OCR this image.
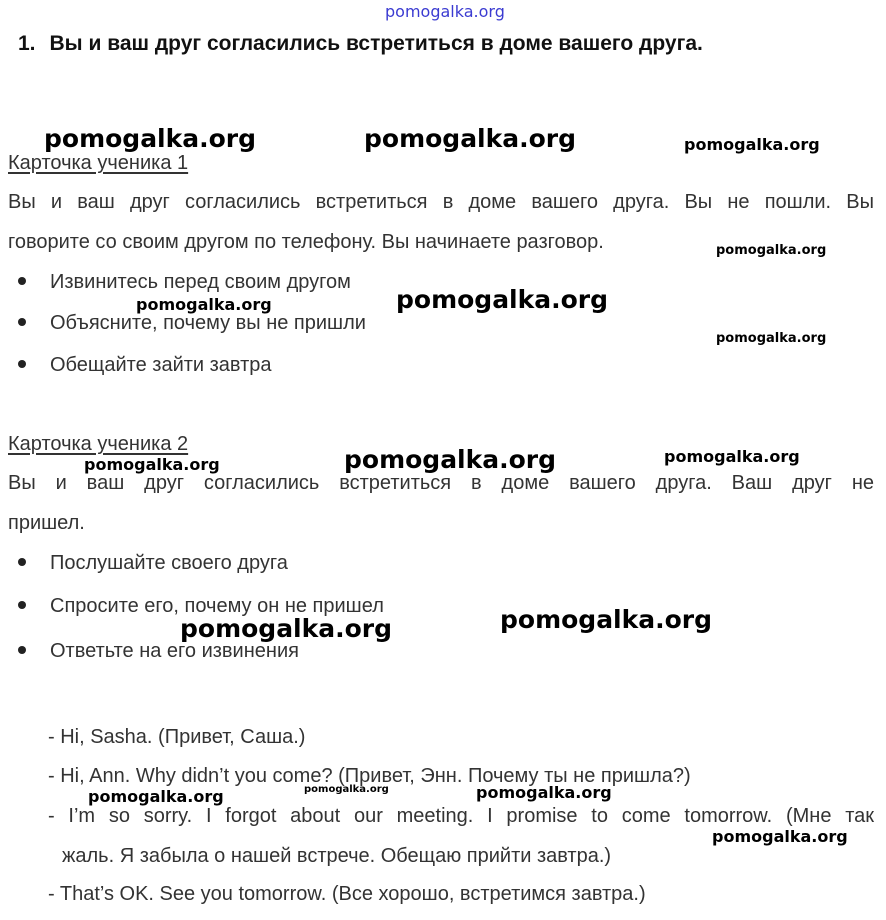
pomogalka.org
1. Вы и ваш друг согласились встретиться в доме вашего друга.
Карточка ученика 1
Вы и ваш друг согласились встретиться в доме вашего друга. Вы не пошли. Вы
говорите со своим другом по телефону. Вы начинаете разговор.
Извинитесь перед своим другом
Объясните, почему вы не пришли
Обещайте зайти завтра
Карточка ученика 2
Вы и ваш друг согласились встретиться в доме вашего друга. Ваш друг не
пришел.
Послушайте своего друга
Спросите его, почему он не пришел
Ответьте на его извинения
- Hi, Sasha. (Привет, Саша.)
- Hi, Ann. Why didn’t you come? (Привет, Энн. Почему ты не пришла?)
- I’m so sorry. I forgot about our meeting. I promise to come tomorrow. (Мне так
жаль. Я забыла о нашей встрече. Обещаю прийти завтра.)
- That’s OK. See you tomorrow. (Все хорошо, встретимся завтра.)
pomogalka.org	pomogalka.org	pomogalka.org
pomogalka.org
pomogalka.org	pomogalka.org
pomogalka.org
pomogalka.org	pomogalka.org	pomogalka.org
pomogalka.org	pomogalka.org
pomogalka.org	pomogalka.org	pomogalka.org
pomogalka.org
